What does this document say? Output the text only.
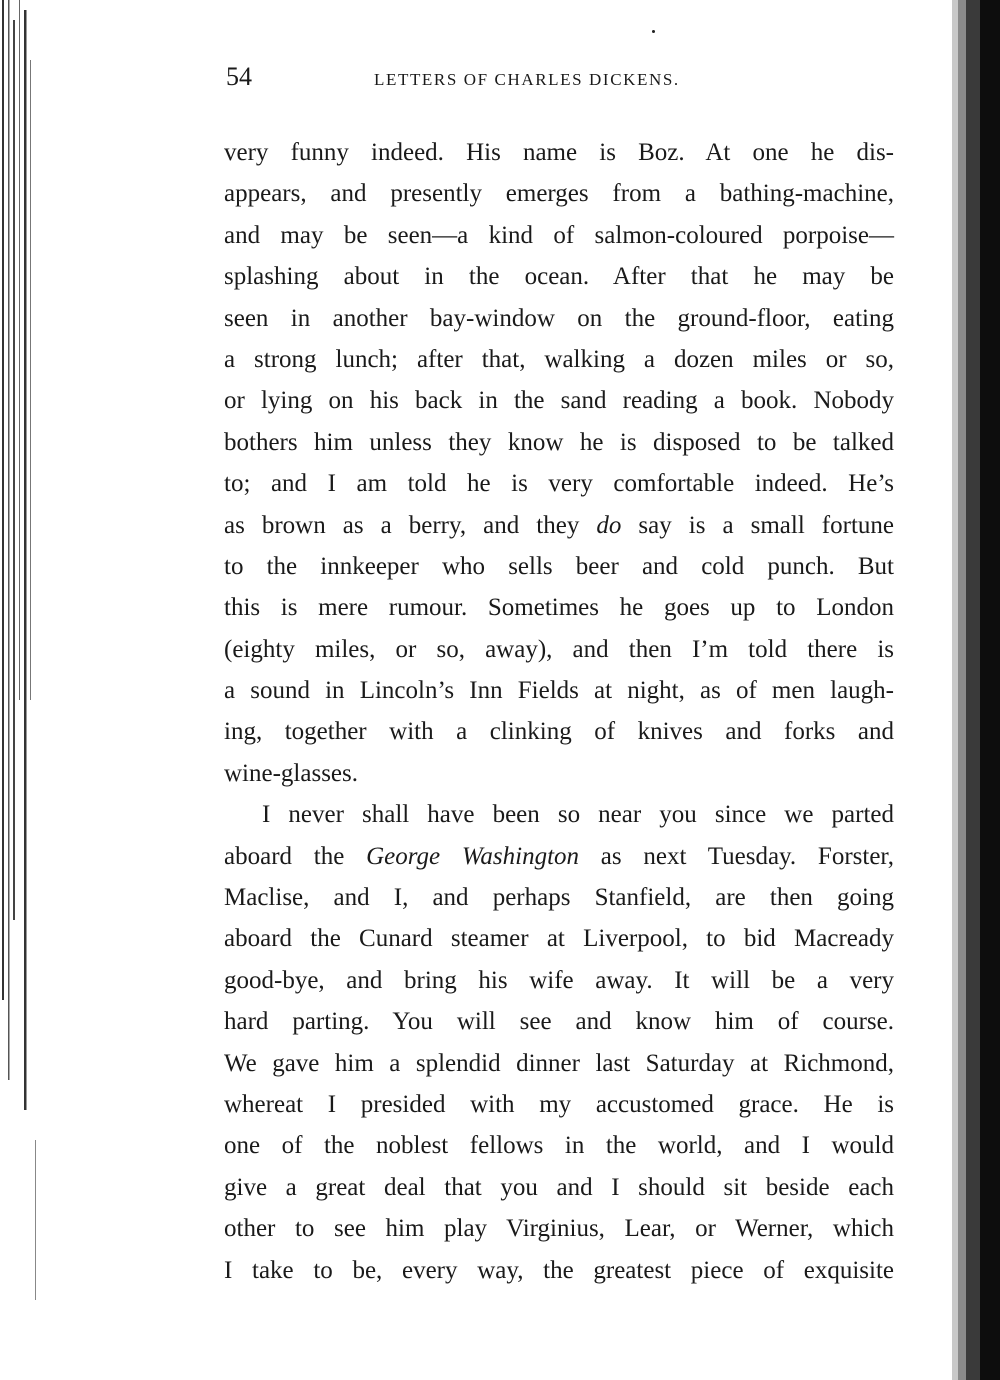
54	LETTERS OF CHARLES DICKENS.
very funny indeed. His name is Boz. At one he dis-
appears, and presently emerges from a bathing-machine,
and may be seen—a kind of salmon-coloured porpoise—
splashing about in the ocean. After that he may be
seen in another bay-window on the ground-floor, eating
a strong lunch; after that, walking a dozen miles or so,
or lying on his back in the sand reading a book. Nobody
bothers him unless they know he is disposed to be talked
to; and I am told he is very comfortable indeed. He’s
as brown as a berry, and they do say is a small fortune
to the innkeeper who sells beer and cold punch. But
this is mere rumour. Sometimes he goes up to London
(eighty miles, or so, away), and then I’m told there is
a sound in Lincoln’s Inn Fields at night, as of men laugh-
ing, together with a clinking of knives and forks and
wine-glasses.
I never shall have been so near you since we parted
aboard the George Washington as next Tuesday. Forster,
Maclise, and I, and perhaps Stanfield, are then going
aboard the Cunard steamer at Liverpool, to bid Macready
good-bye, and bring his wife away. It will be a very
hard parting. You will see and know him of course.
We gave him a splendid dinner last Saturday at Richmond,
whereat I presided with my accustomed grace. He is
one of the noblest fellows in the world, and I would
give a great deal that you and I should sit beside each
other to see him play Virginius, Lear, or Werner, which
I take to be, every way, the greatest piece of exquisite
